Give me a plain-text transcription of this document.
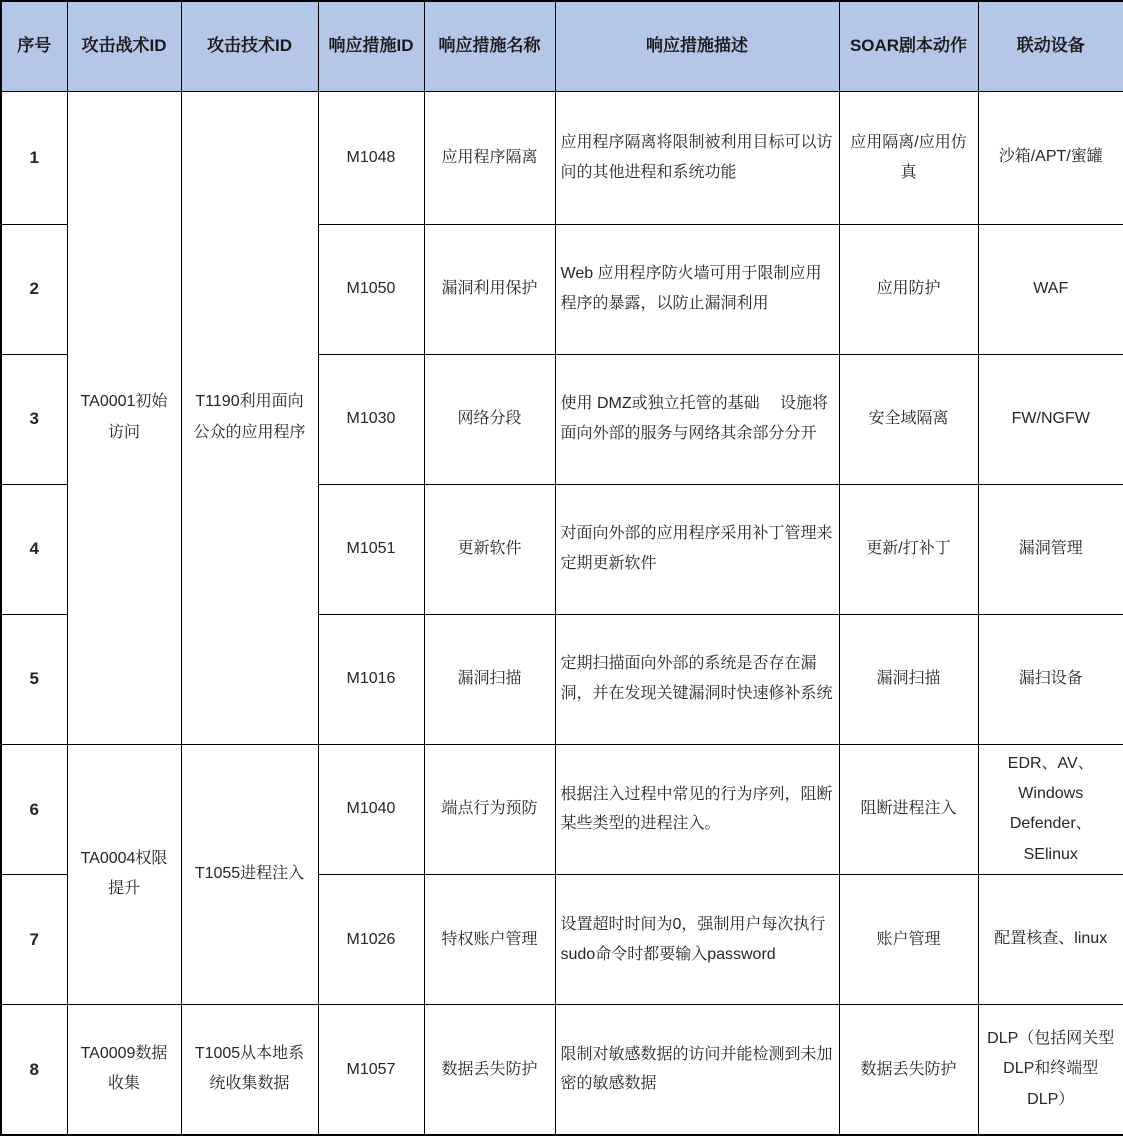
序号	攻击战术ID	攻击技术ID	响应措施ID	响应措施名称	响应措施描述	SOAR剧本动作	联动设备
1	TA0001初始访问	T1190利用面向公众的应用程序	M1048	应用程序隔离	应用程序隔离将限制被利用目标可以访问的其他进程和系统功能	应用隔离/应用仿真	沙箱/APT/蜜罐
2			M1050	漏洞利用保护	Web 应用程序防火墙可用于限制应用程序的暴露，以防止漏洞利用	应用防护	WAF
3			M1030	网络分段	使用 DMZ或独立托管的基础　 设施将面向外部的服务与网络其余部分分开	安全域隔离	FW/NGFW
4			M1051	更新软件	对面向外部的应用程序采用补丁管理来定期更新软件	更新/打补丁	漏洞管理
5			M1016	漏洞扫描	定期扫描面向外部的系统是否存在漏洞，并在发现关键漏洞时快速修补系统	漏洞扫描	漏扫设备
6	TA0004权限提升	T1055进程注入	M1040	端点行为预防	根据注入过程中常见的行为序列，阻断某些类型的进程注入。	阻断进程注入	EDR、AV、Windows Defender、SElinux
7			M1026	特权账户管理	设置超时时间为0，强制用户每次执行sudo命令时都要输入password	账户管理	配置核查、linux
8	TA0009数据收集	T1005从本地系统收集数据	M1057	数据丢失防护	限制对敏感数据的访问并能检测到未加密的敏感数据	数据丢失防护	DLP（包括网关型DLP和终端型DLP）
